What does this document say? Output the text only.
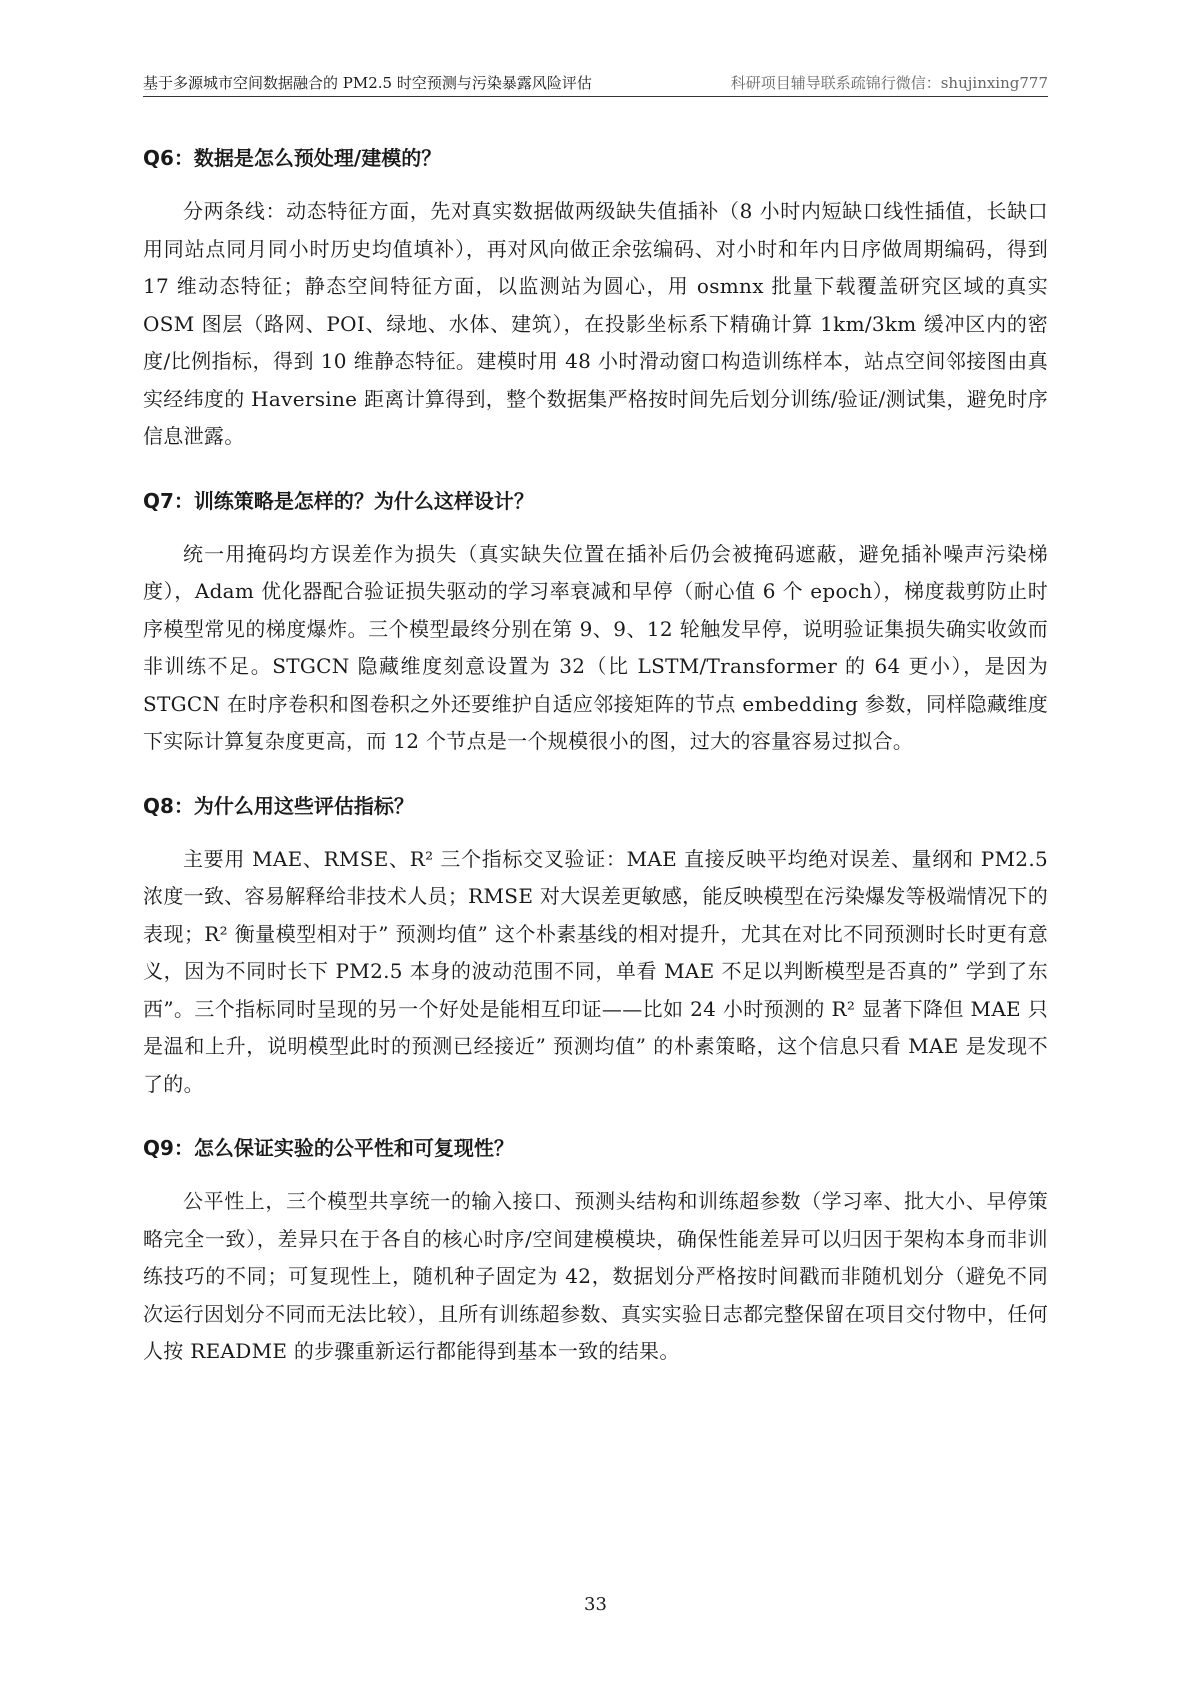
基于多源城市空间数据融合的 PM2.5 时空预测与污染暴露风险评估	科研项目辅导联系疏锦行微信：shujinxing777
Q6：数据是怎么预处理/建模的？

分两条线：动态特征方面，先对真实数据做两级缺失值插补（8 小时内短缺口线性插值，长缺口用同站点同月同小时历史均值填补），再对风向做正余弦编码、对小时和年内日序做周期编码，得到 17 维动态特征；静态空间特征方面，以监测站为圆心，用 osmnx 批量下载覆盖研究区域的真实 OSM 图层（路网、POI、绿地、水体、建筑），在投影坐标系下精确计算 1km/3km 缓冲区内的密度/比例指标，得到 10 维静态特征。建模时用 48 小时滑动窗口构造训练样本，站点空间邻接图由真实经纬度的 Haversine 距离计算得到，整个数据集严格按时间先后划分训练/验证/测试集，避免时序信息泄露。

Q7：训练策略是怎样的？为什么这样设计？

统一用掩码均方误差作为损失（真实缺失位置在插补后仍会被掩码遮蔽，避免插补噪声污染梯度），Adam 优化器配合验证损失驱动的学习率衰减和早停（耐心值 6 个 epoch），梯度裁剪防止时序模型常见的梯度爆炸。三个模型最终分别在第 9、9、12 轮触发早停，说明验证集损失确实收敛而非训练不足。STGCN 隐藏维度刻意设置为 32（比 LSTM/Transformer 的 64 更小），是因为 STGCN 在时序卷积和图卷积之外还要维护自适应邻接矩阵的节点 embedding 参数，同样隐藏维度下实际计算复杂度更高，而 12 个节点是一个规模很小的图，过大的容量容易过拟合。

Q8：为什么用这些评估指标？

主要用 MAE、RMSE、R² 三个指标交叉验证：MAE 直接反映平均绝对误差、量纲和 PM2.5 浓度一致、容易解释给非技术人员；RMSE 对大误差更敏感，能反映模型在污染爆发等极端情况下的表现；R² 衡量模型相对于” 预测均值” 这个朴素基线的相对提升，尤其在对比不同预测时长时更有意义，因为不同时长下 PM2.5 本身的波动范围不同，单看 MAE 不足以判断模型是否真的” 学到了东西”。三个指标同时呈现的另一个好处是能相互印证——比如 24 小时预测的 R² 显著下降但 MAE 只是温和上升，说明模型此时的预测已经接近” 预测均值” 的朴素策略，这个信息只看 MAE 是发现不了的。

Q9：怎么保证实验的公平性和可复现性？

公平性上，三个模型共享统一的输入接口、预测头结构和训练超参数（学习率、批大小、早停策略完全一致），差异只在于各自的核心时序/空间建模模块，确保性能差异可以归因于架构本身而非训练技巧的不同；可复现性上，随机种子固定为 42，数据划分严格按时间戳而非随机划分（避免不同次运行因划分不同而无法比较），且所有训练超参数、真实实验日志都完整保留在项目交付物中，任何人按 README 的步骤重新运行都能得到基本一致的结果。

33
